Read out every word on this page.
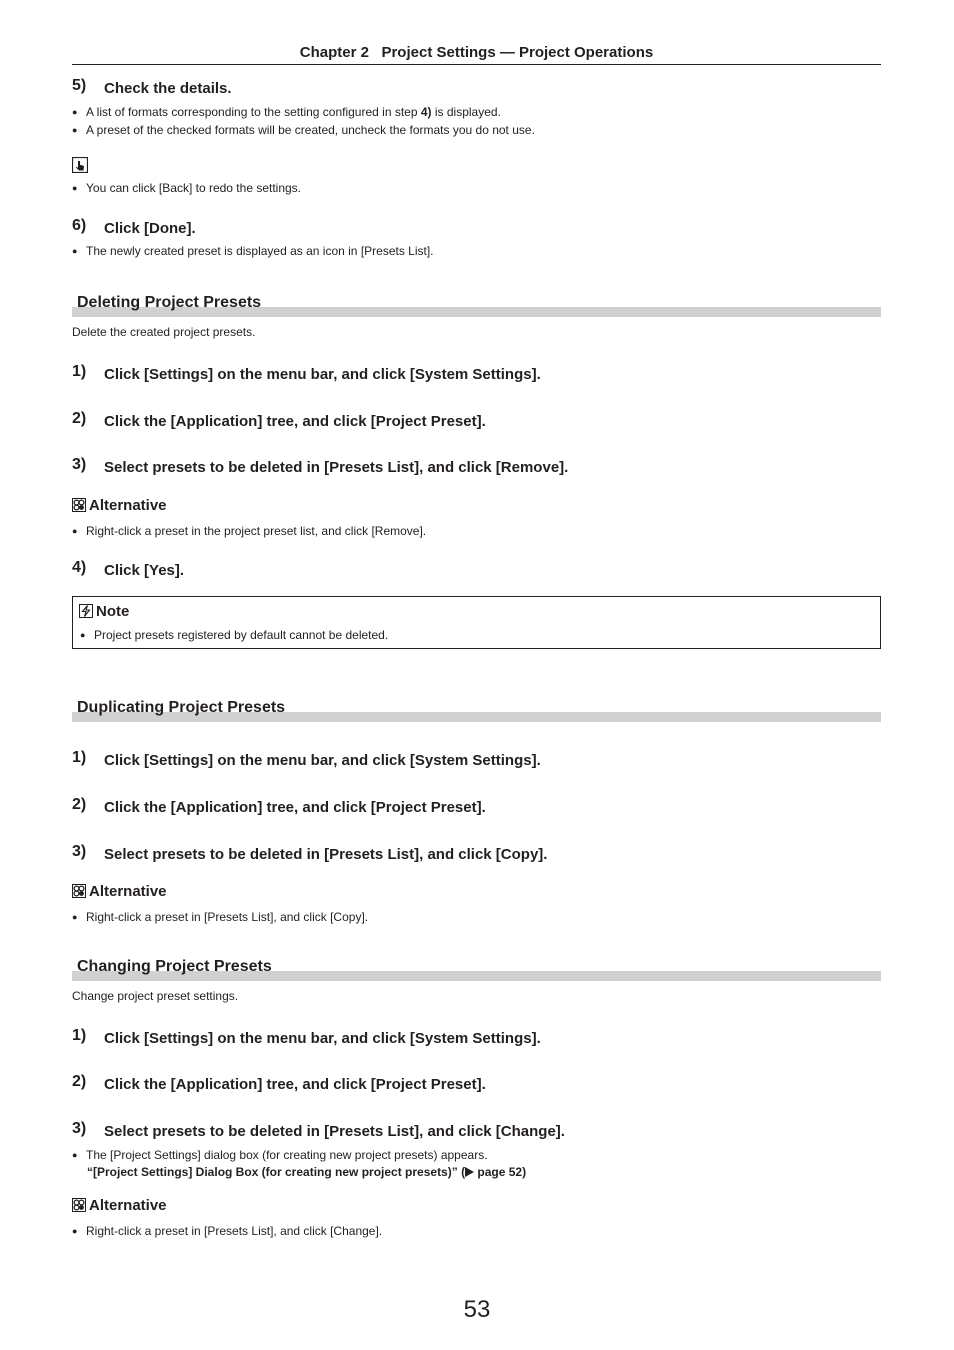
Chapter 2   Project Settings — Project Operations
5) Check the details.
● A list of formats corresponding to the setting configured in step 4) is displayed.
● A preset of the checked formats will be created, uncheck the formats you do not use.
● You can click [Back] to redo the settings.
6) Click [Done].
● The newly created preset is displayed as an icon in [Presets List].
Deleting Project Presets
Delete the created project presets.
1) Click [Settings] on the menu bar, and click [System Settings].
2) Click the [Application] tree, and click [Project Preset].
3) Select presets to be deleted in [Presets List], and click [Remove].
Alternative
● Right-click a preset in the project preset list, and click [Remove].
4) Click [Yes].
Note
● Project presets registered by default cannot be deleted.
Duplicating Project Presets
1) Click [Settings] on the menu bar, and click [System Settings].
2) Click the [Application] tree, and click [Project Preset].
3) Select presets to be deleted in [Presets List], and click [Copy].
Alternative
● Right-click a preset in [Presets List], and click [Copy].
Changing Project Presets
Change project preset settings.
1) Click [Settings] on the menu bar, and click [System Settings].
2) Click the [Application] tree, and click [Project Preset].
3) Select presets to be deleted in [Presets List], and click [Change].
● The [Project Settings] dialog box (for creating new project presets) appears.
“[Project Settings] Dialog Box (for creating new project presets)” ( page 52)
Alternative
● Right-click a preset in [Presets List], and click [Change].
53
